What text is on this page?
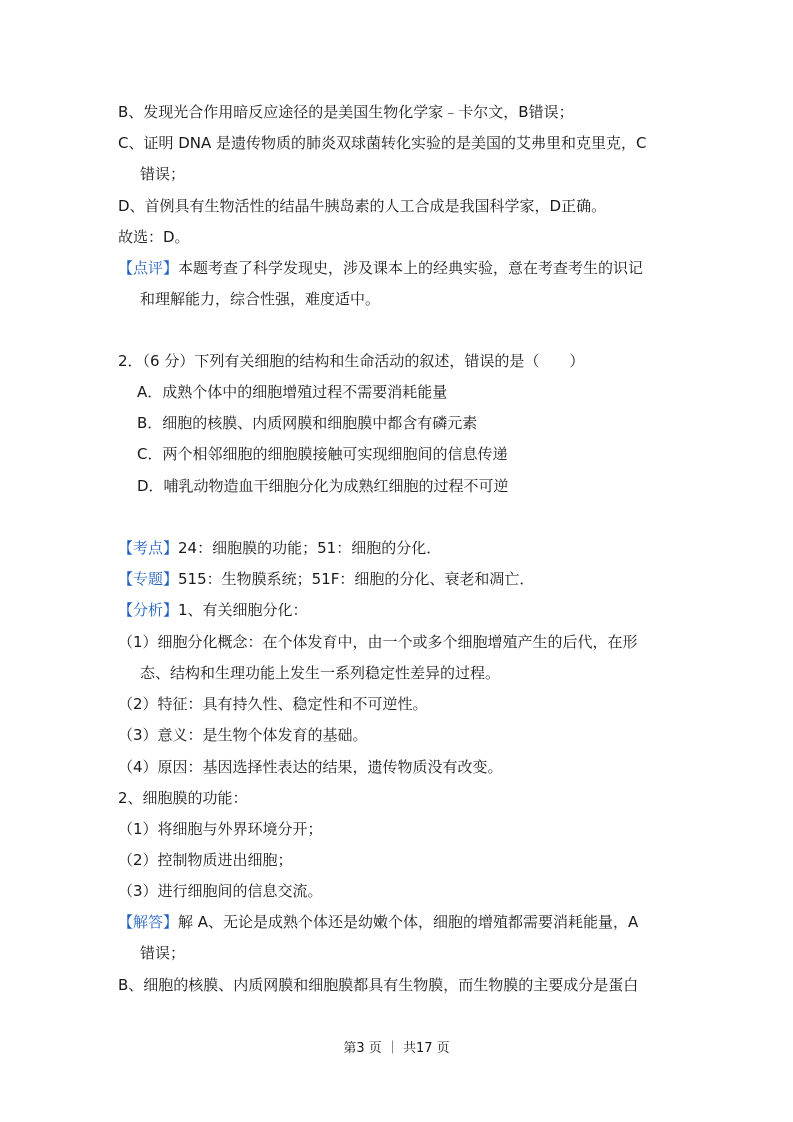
B、发现光合作用暗反应途径的是美国生物化学家﹣卡尔文，B错误；
C、证明 DNA 是遗传物质的肺炎双球菌转化实验的是美国的艾弗里和克里克，C
错误；
D、首例具有生物活性的结晶牛胰岛素的人工合成是我国科学家，D正确。
故选：D。
【点评】本题考查了科学发现史，涉及课本上的经典实验，意在考查考生的识记
和理解能力，综合性强，难度适中。
2．（6 分）下列有关细胞的结构和生命活动的叙述，错误的是（　　）
A．成熟个体中的细胞增殖过程不需要消耗能量
B．细胞的核膜、内质网膜和细胞膜中都含有磷元素
C．两个相邻细胞的细胞膜接触可实现细胞间的信息传递
D．哺乳动物造血干细胞分化为成熟红细胞的过程不可逆
【考点】24：细胞膜的功能；51：细胞的分化．
【专题】515：生物膜系统；51F：细胞的分化、衰老和凋亡．
【分析】1、有关细胞分化：
（1）细胞分化概念：在个体发育中，由一个或多个细胞增殖产生的后代，在形
态、结构和生理功能上发生一系列稳定性差异的过程。
（2）特征：具有持久性、稳定性和不可逆性。
（3）意义：是生物个体发育的基础。
（4）原因：基因选择性表达的结果，遗传物质没有改变。
2、细胞膜的功能：
（1）将细胞与外界环境分开；
（2）控制物质进出细胞；
（3）进行细胞间的信息交流。
【解答】解 A、无论是成熟个体还是幼嫩个体，细胞的增殖都需要消耗能量，A
错误；
B、细胞的核膜、内质网膜和细胞膜都具有生物膜，而生物膜的主要成分是蛋白
第3 页 ｜ 共17 页
